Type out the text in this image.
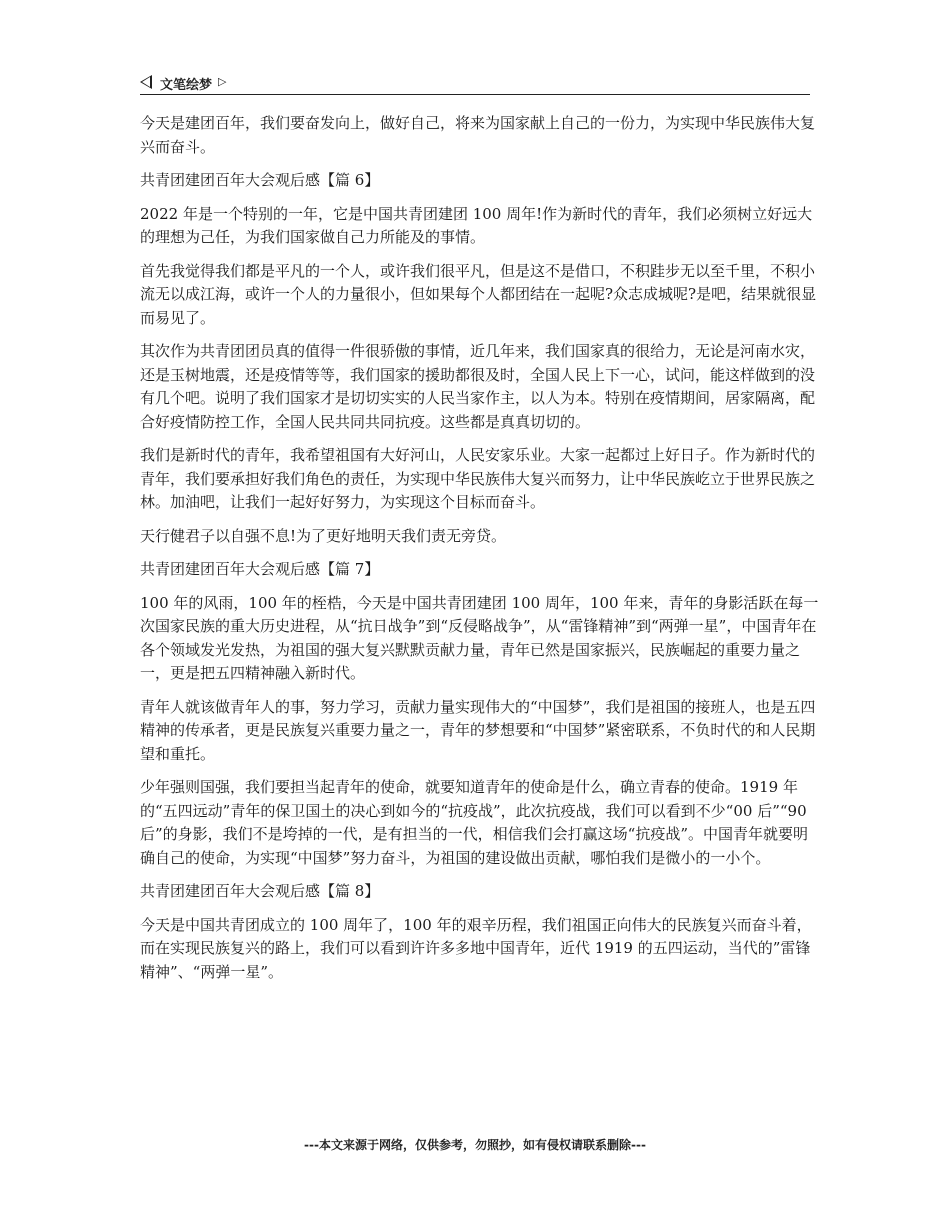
文笔绘梦 ▷

今天是建团百年，我们要奋发向上，做好自己，将来为国家献上自己的一份力，为实现中华民族伟大复兴而奋斗。

共青团建团百年大会观后感【篇 6】

2022 年是一个特别的一年，它是中国共青团建团 100 周年!作为新时代的青年，我们必须树立好远大的理想为己任，为我们国家做自己力所能及的事情。

首先我觉得我们都是平凡的一个人，或许我们很平凡，但是这不是借口，不积跬步无以至千里，不积小流无以成江海，或许一个人的力量很小，但如果每个人都团结在一起呢?众志成城呢?是吧，结果就很显而易见了。

其次作为共青团团员真的值得一件很骄傲的事情，近几年来，我们国家真的很给力，无论是河南水灾，还是玉树地震，还是疫情等等，我们国家的援助都很及时，全国人民上下一心，试问，能这样做到的没有几个吧。说明了我们国家才是切切实实的人民当家作主，以人为本。特别在疫情期间，居家隔离，配合好疫情防控工作，全国人民共同共同抗疫。这些都是真真切切的。

我们是新时代的青年，我希望祖国有大好河山，人民安家乐业。大家一起都过上好日子。作为新时代的青年，我们要承担好我们角色的责任，为实现中华民族伟大复兴而努力，让中华民族屹立于世界民族之林。加油吧，让我们一起好好努力，为实现这个目标而奋斗。

天行健君子以自强不息!为了更好地明天我们责无旁贷。

共青团建团百年大会观后感【篇 7】

100 年的风雨，100 年的桎梏，今天是中国共青团建团 100 周年，100 年来，青年的身影活跃在每一次国家民族的重大历史进程，从“抗日战争”到“反侵略战争”，从“雷锋精神”到“两弹一星”，中国青年在各个领域发光发热，为祖国的强大复兴默默贡献力量，青年已然是国家振兴，民族崛起的重要力量之一，更是把五四精神融入新时代。

青年人就该做青年人的事，努力学习，贡献力量实现伟大的“中国梦”，我们是祖国的接班人，也是五四精神的传承者，更是民族复兴重要力量之一，青年的梦想要和“中国梦”紧密联系，不负时代的和人民期望和重托。

少年强则国强，我们要担当起青年的使命，就要知道青年的使命是什么，确立青春的使命。1919 年的“五四远动”青年的保卫国土的决心到如今的“抗疫战”，此次抗疫战，我们可以看到不少“00 后”“90 后”的身影，我们不是垮掉的一代，是有担当的一代，相信我们会打赢这场“抗疫战”。中国青年就要明确自己的使命，为实现“中国梦”努力奋斗，为祖国的建设做出贡献，哪怕我们是微小的一小个。

共青团建团百年大会观后感【篇 8】

今天是中国共青团成立的 100 周年了，100 年的艰辛历程，我们祖国正向伟大的民族复兴而奋斗着，而在实现民族复兴的路上，我们可以看到许许多多地中国青年，近代 1919 的五四运动，当代的”雷锋精神”、“两弹一星”。

---本文来源于网络，仅供参考，勿照抄，如有侵权请联系删除---
